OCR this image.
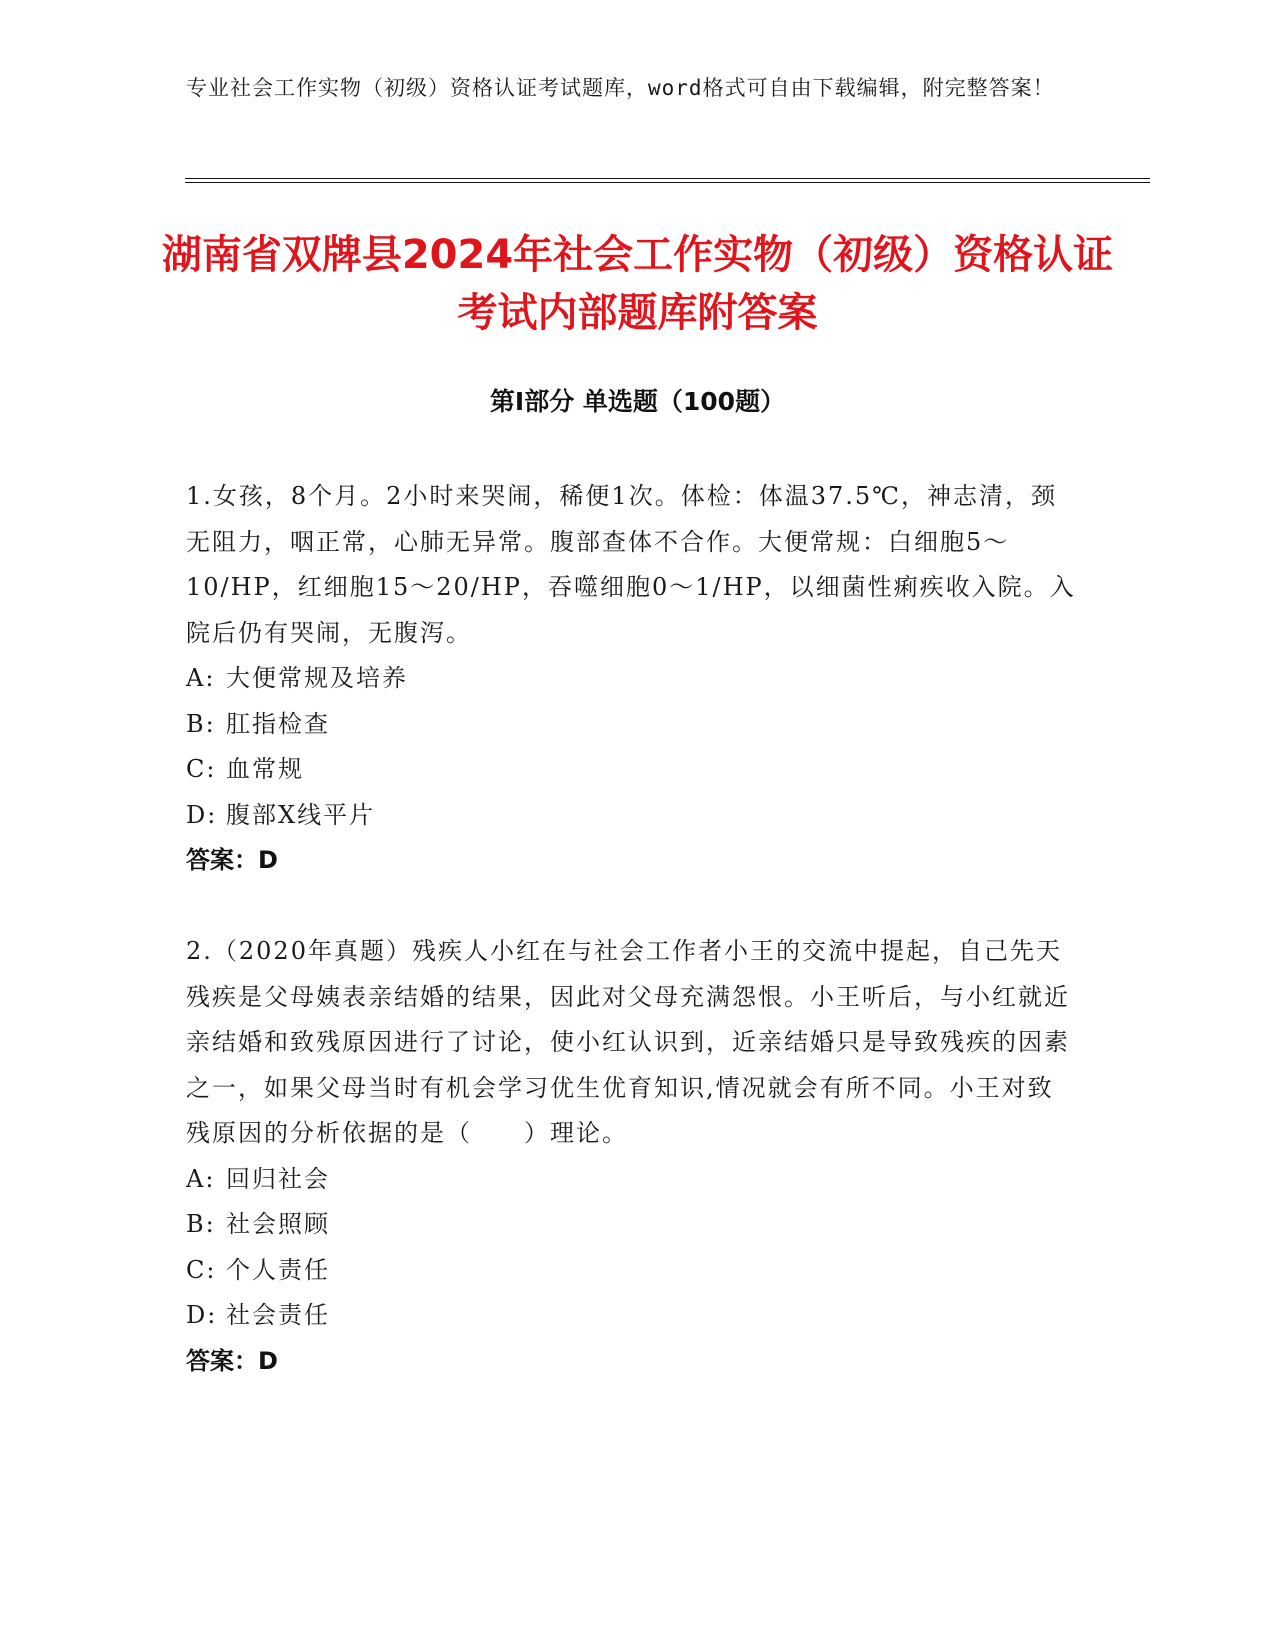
专业社会工作实物（初级）资格认证考试题库，word格式可自由下载编辑，附完整答案！
湖南省双牌县2024年社会工作实物（初级）资格认证考试内部题库附答案
第Ⅰ部分 单选题（100题）
1.女孩，8个月。2小时来哭闹，稀便1次。体检：体温37.5℃，神志清，颈无阻力，咽正常，心肺无异常。腹部查体不合作。大便常规：白细胞5～10/HP，红细胞15～20/HP，吞噬细胞0～1/HP，以细菌性痢疾收入院。入院后仍有哭闹，无腹泻。
A: 大便常规及培养
B: 肛指检查
C: 血常规
D: 腹部X线平片
答案：D
2.（2020年真题）残疾人小红在与社会工作者小王的交流中提起，自己先天残疾是父母姨表亲结婚的结果，因此对父母充满怨恨。小王听后，与小红就近亲结婚和致残原因进行了讨论，使小红认识到，近亲结婚只是导致残疾的因素之一，如果父母当时有机会学习优生优育知识,情况就会有所不同。小王对致残原因的分析依据的是（　　）理论。
A: 回归社会
B: 社会照顾
C: 个人责任
D: 社会责任
答案：D
